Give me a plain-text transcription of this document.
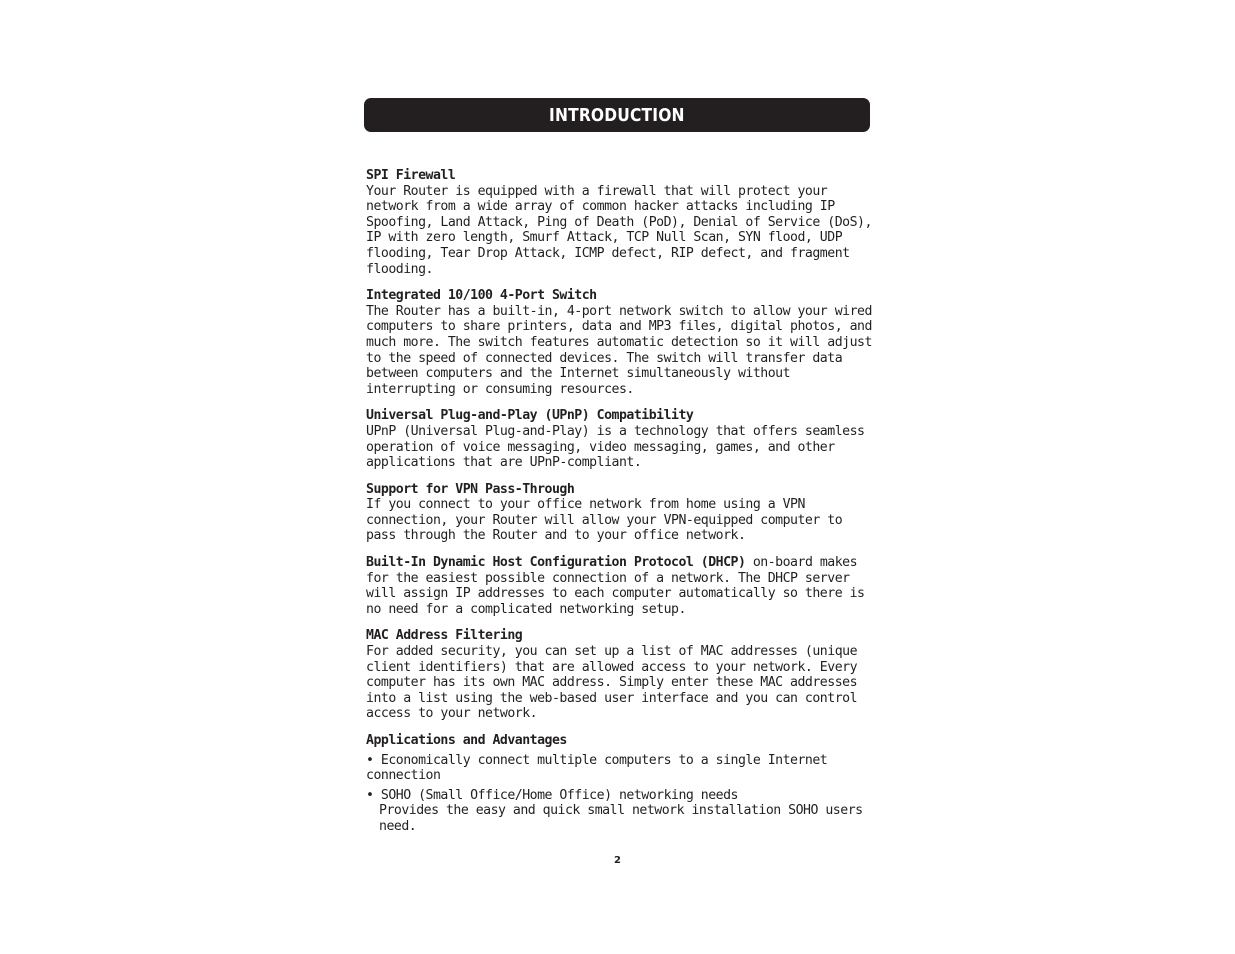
INTRODUCTION
SPI Firewall

Your Router is equipped with a firewall that will protect your network from a wide array of common hacker attacks including IP Spoofing, Land Attack, Ping of Death (PoD), Denial of Service (DoS), IP with zero length, Smurf Attack, TCP Null Scan, SYN flood, UDP flooding, Tear Drop Attack, ICMP defect, RIP defect, and fragment flooding.

Integrated 10/100 4-Port Switch

The Router has a built-in, 4-port network switch to allow your wired computers to share printers, data and MP3 files, digital photos, and much more. The switch features automatic detection so it will adjust to the speed of connected devices. The switch will transfer data between computers and the Internet simultaneously without interrupting or consuming resources.

Universal Plug-and-Play (UPnP) Compatibility

UPnP (Universal Plug-and-Play) is a technology that offers seamless operation of voice messaging, video messaging, games, and other applications that are UPnP-compliant.

Support for VPN Pass-Through

If you connect to your office network from home using a VPN connection, your Router will allow your VPN-equipped computer to pass through the Router and to your office network.

Built-In Dynamic Host Configuration Protocol (DHCP) on-board makes for the easiest possible connection of a network. The DHCP server will assign IP addresses to each computer automatically so there is no need for a complicated networking setup.

MAC Address Filtering

For added security, you can set up a list of MAC addresses (unique client identifiers) that are allowed access to your network. Every computer has its own MAC address. Simply enter these MAC addresses into a list using the web-based user interface and you can control access to your network.

Applications and Advantages

• Economically connect multiple computers to a single Internet connection

• SOHO (Small Office/Home Office) networking needs

Provides the easy and quick small network installation SOHO users need.

2
